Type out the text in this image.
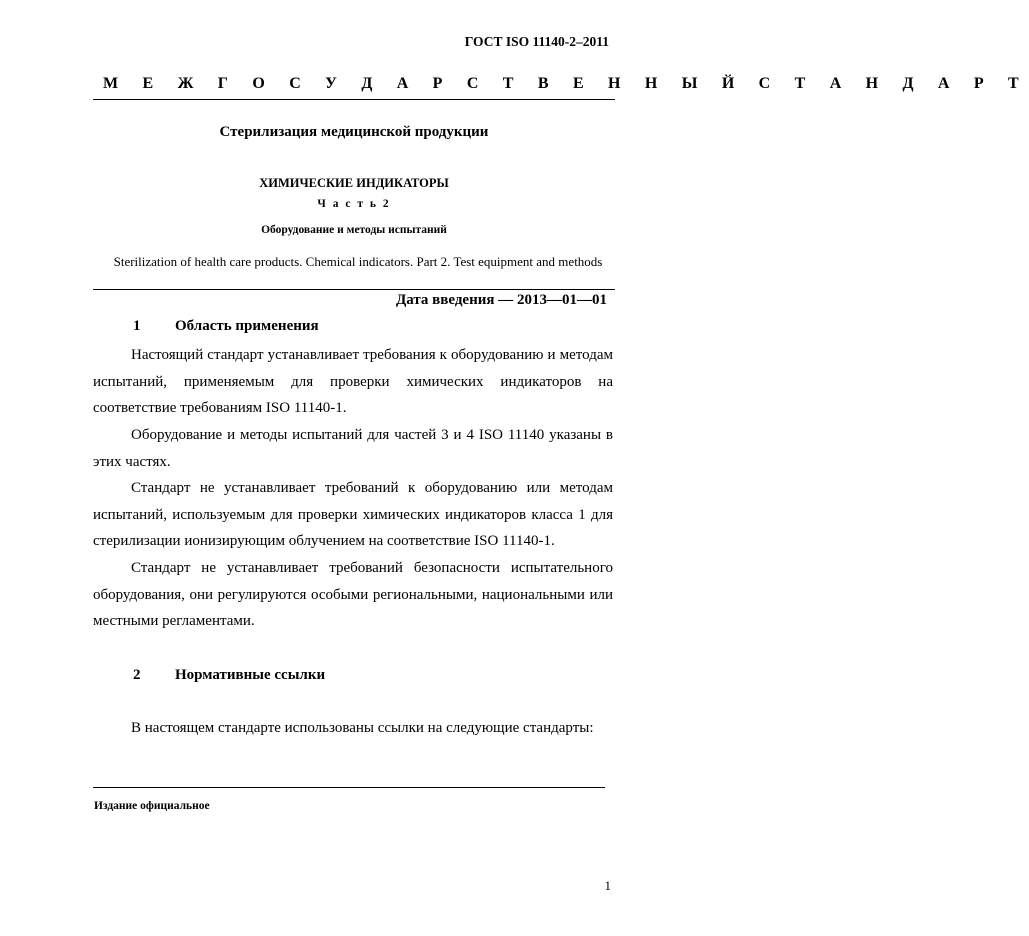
ГОСТ ISO 11140-2–2011
М Е Ж Г О С У Д А Р С Т В Е Н Н Ы Й С Т А Н Д А Р Т
Стерилизация медицинской продукции
ХИМИЧЕСКИЕ ИНДИКАТОРЫ
Ч а с т ь 2
Оборудование и методы испытаний
Sterilization of health care products. Chemical indicators. Part 2. Test equipment and methods
Дата введения — 2013—01—01
1 Область применения
Настоящий стандарт устанавливает требования к оборудованию и методам испытаний, применяемым для проверки химических индикаторов на соответствие требованиям ISO 11140-1.
Оборудование и методы испытаний для частей 3 и 4 ISO 11140 указаны в этих частях.
Стандарт не устанавливает требований к оборудованию или методам испытаний, используемым для проверки химических индикаторов класса 1 для стерилизации ионизирующим облучением на соответствие ISO 11140-1.
Стандарт не устанавливает требований безопасности испытательного оборудования, они регулируются особыми региональными, национальными или местными регламентами.
2 Нормативные ссылки
В настоящем стандарте использованы ссылки на следующие стандарты:
Издание официальное
1
